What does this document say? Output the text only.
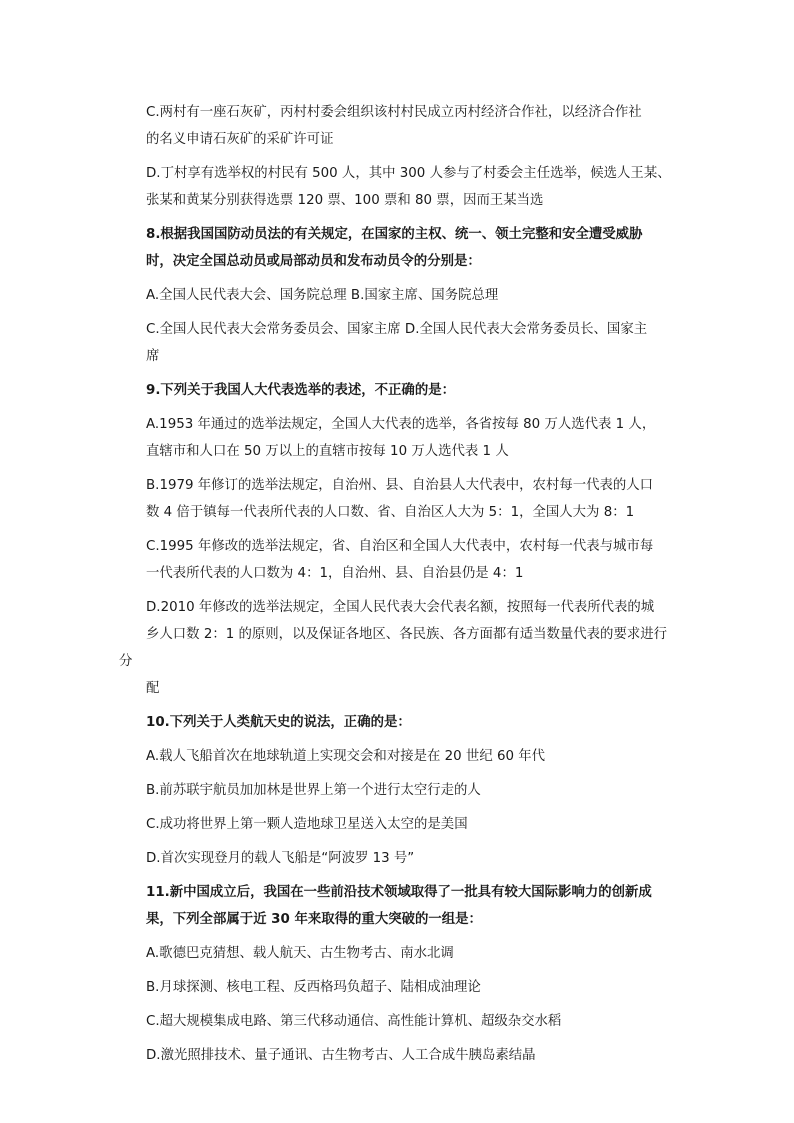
C.两村有一座石灰矿，丙村村委会组织该村村民成立丙村经济合作社，以经济合作社
的名义申请石灰矿的采矿许可证

D.丁村享有选举权的村民有 500 人，其中 300 人参与了村委会主任选举，候选人王某、
张某和黄某分别获得选票 120 票、100 票和 80 票，因而王某当选

8.根据我国国防动员法的有关规定，在国家的主权、统一、领土完整和安全遭受威胁
时，决定全国总动员或局部动员和发布动员令的分别是：

A.全国人民代表大会、国务院总理 B.国家主席、国务院总理

C.全国人民代表大会常务委员会、国家主席 D.全国人民代表大会常务委员长、国家主
席

9.下列关于我国人大代表选举的表述，不正确的是：

A.1953 年通过的选举法规定，全国人大代表的选举，各省按每 80 万人选代表 1 人，
直辖市和人口在 50 万以上的直辖市按每 10 万人选代表 1 人

B.1979 年修订的选举法规定，自治州、县、自治县人大代表中，农村每一代表的人口
数 4 倍于镇每一代表所代表的人口数、省、自治区人大为 5：1，全国人大为 8：1

C.1995 年修改的选举法规定，省、自治区和全国人大代表中，农村每一代表与城市每
一代表所代表的人口数为 4：1，自治州、县、自治县仍是 4：1

D.2010 年修改的选举法规定，全国人民代表大会代表名额，按照每一代表所代表的城
乡人口数 2：1 的原则，以及保证各地区、各民族、各方面都有适当数量代表的要求进行分
配

10.下列关于人类航天史的说法，正确的是：

A.载人飞船首次在地球轨道上实现交会和对接是在 20 世纪 60 年代

B.前苏联宇航员加加林是世界上第一个进行太空行走的人

C.成功将世界上第一颗人造地球卫星送入太空的是美国

D.首次实现登月的载人飞船是“阿波罗 13 号”

11.新中国成立后，我国在一些前沿技术领域取得了一批具有较大国际影响力的创新成
果，下列全部属于近 30 年来取得的重大突破的一组是：

A.歌德巴克猜想、载人航天、古生物考古、南水北调

B.月球探测、核电工程、反西格玛负超子、陆相成油理论

C.超大规模集成电路、第三代移动通信、高性能计算机、超级杂交水稻

D.激光照排技术、量子通讯、古生物考古、人工合成牛胰岛素结晶
